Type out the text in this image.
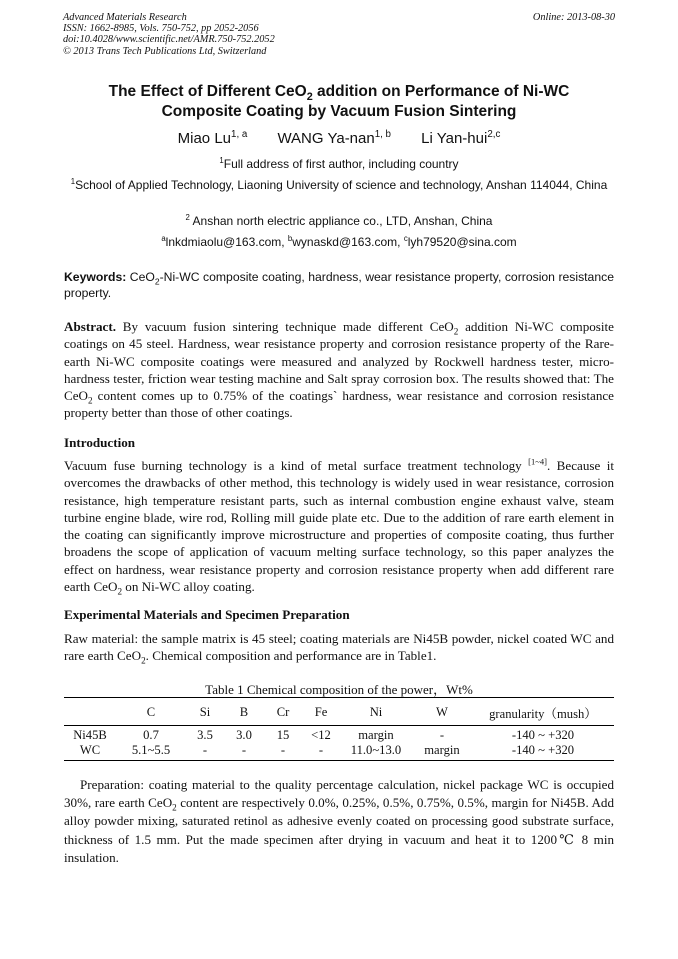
Advanced Materials Research
ISSN: 1662-8985, Vols. 750-752, pp 2052-2056
doi:10.4028/www.scientific.net/AMR.750-752.2052
© 2013 Trans Tech Publications Ltd, Switzerland
Online: 2013-08-30
The Effect of Different CeO$_2$ addition on Performance of Ni-WC
Composite Coating by Vacuum Fusion Sintering
Miao Lu$^{1, a}$ WANG Ya-nan$^{1, b}$ Li Yan-hui$^{2,c}$
$^1$Full address of first author, including country
$^1$School of Applied Technology, Liaoning University of science and technology, Anshan 114044, China
$^2$ Anshan north electric appliance co., LTD, Anshan, China
$^a$lnkdmiaolu@163.com, $^b$wynaskd@163.com, $^c$lyh79520@sina.com
Keywords: CeO$_2$-Ni-WC composite coating, hardness, wear resistance property, corrosion resistance property.
Abstract. By vacuum fusion sintering technique made different CeO$_2$ addition Ni-WC composite coatings on 45 steel. Hardness, wear resistance property and corrosion resistance property of the Rare-earth Ni-WC composite coatings were measured and analyzed by Rockwell hardness tester, micro-hardness tester, friction wear testing machine and Salt spray corrosion box. The results showed that: The CeO$_2$ content comes up to 0.75% of the coatings` hardness, wear resistance and corrosion resistance property better than those of other coatings.
Introduction
Vacuum fuse burning technology is a kind of metal surface treatment technology [1~4]. Because it overcomes the drawbacks of other method, this technology is widely used in wear resistance, corrosion resistance, high temperature resistant parts, such as internal combustion engine exhaust valve, steam turbine engine blade, wire rod, Rolling mill guide plate etc. Due to the addition of rare earth element in the coating can significantly improve microstructure and properties of composite coating, thus further broadens the scope of application of vacuum melting surface technology, so this paper analyzes the effect on hardness, wear resistance property and corrosion resistance property when add different rare earth CeO$_2$ on Ni-WC alloy coating.
Experimental Materials and Specimen Preparation
Raw material: the sample matrix is 45 steel; coating materials are Ni45B powder, nickel coated WC and rare earth CeO$_2$. Chemical composition and performance are in Table1.
Table 1 Chemical composition of the power，Wt%
	C	Si	B	Cr	Fe	Ni	W	granularity（mush）
Ni45B	0.7	3.5	3.0	15	<12	margin	-	-140 ~ +320
WC	5.1~5.5	-	-	-	-	11.0~13.0	margin	-140 ~ +320
Preparation: coating material to the quality percentage calculation, nickel package WC is occupied 30%, rare earth CeO$_2$ content are respectively 0.0%, 0.25%, 0.5%, 0.75%, 0.5%, margin for Ni45B. Add alloy powder mixing, saturated retinol as adhesive evenly coated on processing good substrate surface, thickness of 1.5 mm. Put the made specimen after drying in vacuum and heat it to 1200℃ 8 min insulation.
